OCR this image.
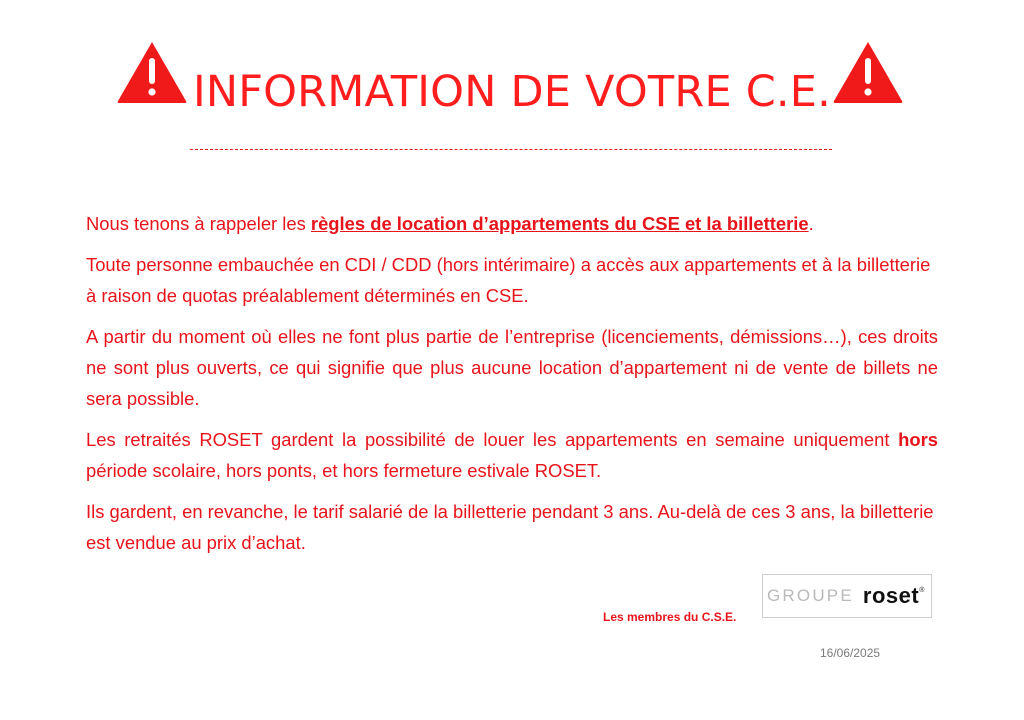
INFORMATION DE VOTRE C.E.

Nous tenons à rappeler les règles de location d’appartements du CSE et la billetterie.

Toute personne embauchée en CDI / CDD (hors intérimaire) a accès aux appartements et à la billetterie à raison de quotas préalablement déterminés en CSE.

A partir du moment où elles ne font plus partie de l’entreprise (licenciements, démissions…), ces droits ne sont plus ouverts, ce qui signifie que plus aucune location d’appartement ni de vente de billets ne sera possible.

Les retraités ROSET gardent la possibilité de louer les appartements en semaine uniquement hors période scolaire, hors ponts, et hors fermeture estivale ROSET.

Ils gardent, en revanche, le tarif salarié de la billetterie pendant 3 ans. Au-delà de ces 3 ans, la billetterie est vendue au prix d’achat.

Les membres du C.S.E.
GROUPE roset ®
16/06/2025
